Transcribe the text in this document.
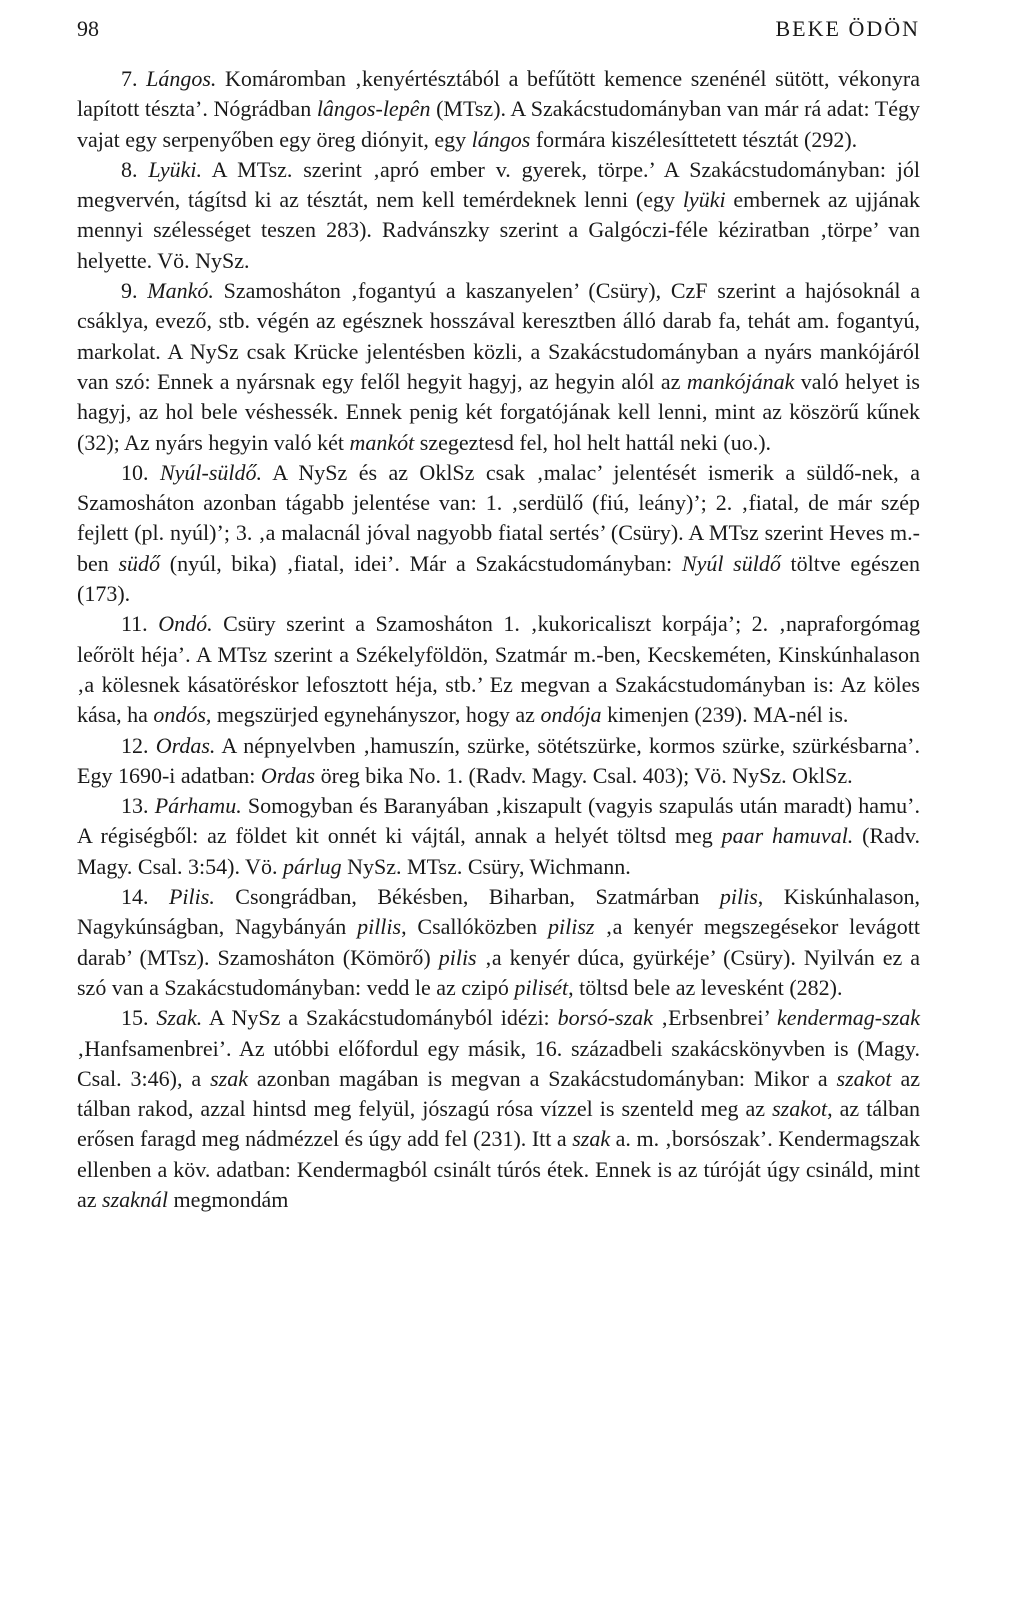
98	BEKE ÖDÖN

7. Lángos. Komáromban ‚kenyértésztából a befűtött kemence szenénél sütött, vékonyra lapított tészta’. Nógrádban lângos-lepên (MTsz). A Szakácstudományban van már rá adat: Tégy vajat egy serpenyőben egy öreg diónyit, egy lángos formára kiszélesíttetett tésztát (292).

8. Lyüki. A MTsz. szerint ‚apró ember v. gyerek, törpe.’ A Szakácstudományban: jól megvervén, tágítsd ki az tésztát, nem kell temérdeknek lenni (egy lyüki embernek az ujjának mennyi szélességet teszen 283). Radvánszky szerint a Galgóczi-féle kéziratban ‚törpe’ van helyette. Vö. NySz.

9. Mankó. Szamosháton ‚fogantyú a kaszanyelen’ (Csüry), CzF szerint a hajósoknál a csáklya, evező, stb. végén az egésznek hosszával keresztben álló darab fa, tehát am. fogantyú, markolat. A NySz csak Krücke jelentésben közli, a Szakácstudományban a nyárs mankójáról van szó: Ennek a nyársnak egy felől hegyit hagyj, az hegyin alól az mankójának való helyet is hagyj, az hol bele véshessék. Ennek penig két forgatójának kell lenni, mint az köszörű kűnek (32); Az nyárs hegyin való két mankót szegeztesd fel, hol helt hattál neki (uo.).

10. Nyúl-süldő. A NySz és az OklSz csak ‚malac’ jelentését ismerik a süldő-nek, a Szamosháton azonban tágabb jelentése van: 1. ‚serdülő (fiú, leány)’; 2. ‚fiatal, de már szép fejlett (pl. nyúl)’; 3. ‚a malacnál jóval nagyobb fiatal sertés’ (Csüry). A MTsz szerint Heves m.-ben südő (nyúl, bika) ‚fiatal, idei’. Már a Szakácstudományban: Nyúl süldő töltve egészen (173).

11. Ondó. Csüry szerint a Szamosháton 1. ‚kukoricaliszt korpája’; 2. ‚napraforgómag leőrölt héja’. A MTsz szerint a Székelyföldön, Szatmár m.-ben, Kecskeméten, Kinskúnhalason ‚a kölesnek kásatöréskor lefosztott héja, stb.’ Ez megvan a Szakácstudományban is: Az köles kása, ha ondós, megszürjed egynehányszor, hogy az ondója kimenjen (239). MA-nél is.

12. Ordas. A népnyelvben ‚hamuszín, szürke, sötétszürke, kormos szürke, szürkésbarna’. Egy 1690-i adatban: Ordas öreg bika No. 1. (Radv. Magy. Csal. 403); Vö. NySz. OklSz.

13. Párhamu. Somogyban és Baranyában ‚kiszapult (vagyis szapulás után maradt) hamu’. A régiségből: az földet kit onnét ki vájtál, annak a helyét töltsd meg paar hamuval. (Radv. Magy. Csal. 3:54). Vö. párlug NySz. MTsz. Csüry, Wichmann.

14. Pilis. Csongrádban, Békésben, Biharban, Szatmárban pilis, Kiskúnhalason, Nagykúnságban, Nagybányán pillis, Csallóközben pilisz ‚a kenyér megszegésekor levágott darab’ (MTsz). Szamosháton (Kömörő) pilis ‚a kenyér dúca, gyürkéje’ (Csüry). Nyilván ez a szó van a Szakácstudományban: vedd le az czipó pilisét, töltsd bele az levesként (282).

15. Szak. A NySz a Szakácstudományból idézi: borsó-szak ‚Erbsenbrei’ kendermag-szak ‚Hanfsamenbrei’. Az utóbbi előfordul egy másik, 16. századbeli szakácskönyvben is (Magy. Csal. 3:46), a szak azonban magában is megvan a Szakácstudományban: Mikor a szakot az tálban rakod, azzal hintsd meg felyül, jószagú rósa vízzel is szenteld meg az szakot, az tálban erősen faragd meg nádmézzel és úgy add fel (231). Itt a szak a. m. ‚borsószak’. Kendermagszak ellenben a köv. adatban: Kendermagból csinált túrós étek. Ennek is az túróját úgy csináld, mint az szaknál megmondám
